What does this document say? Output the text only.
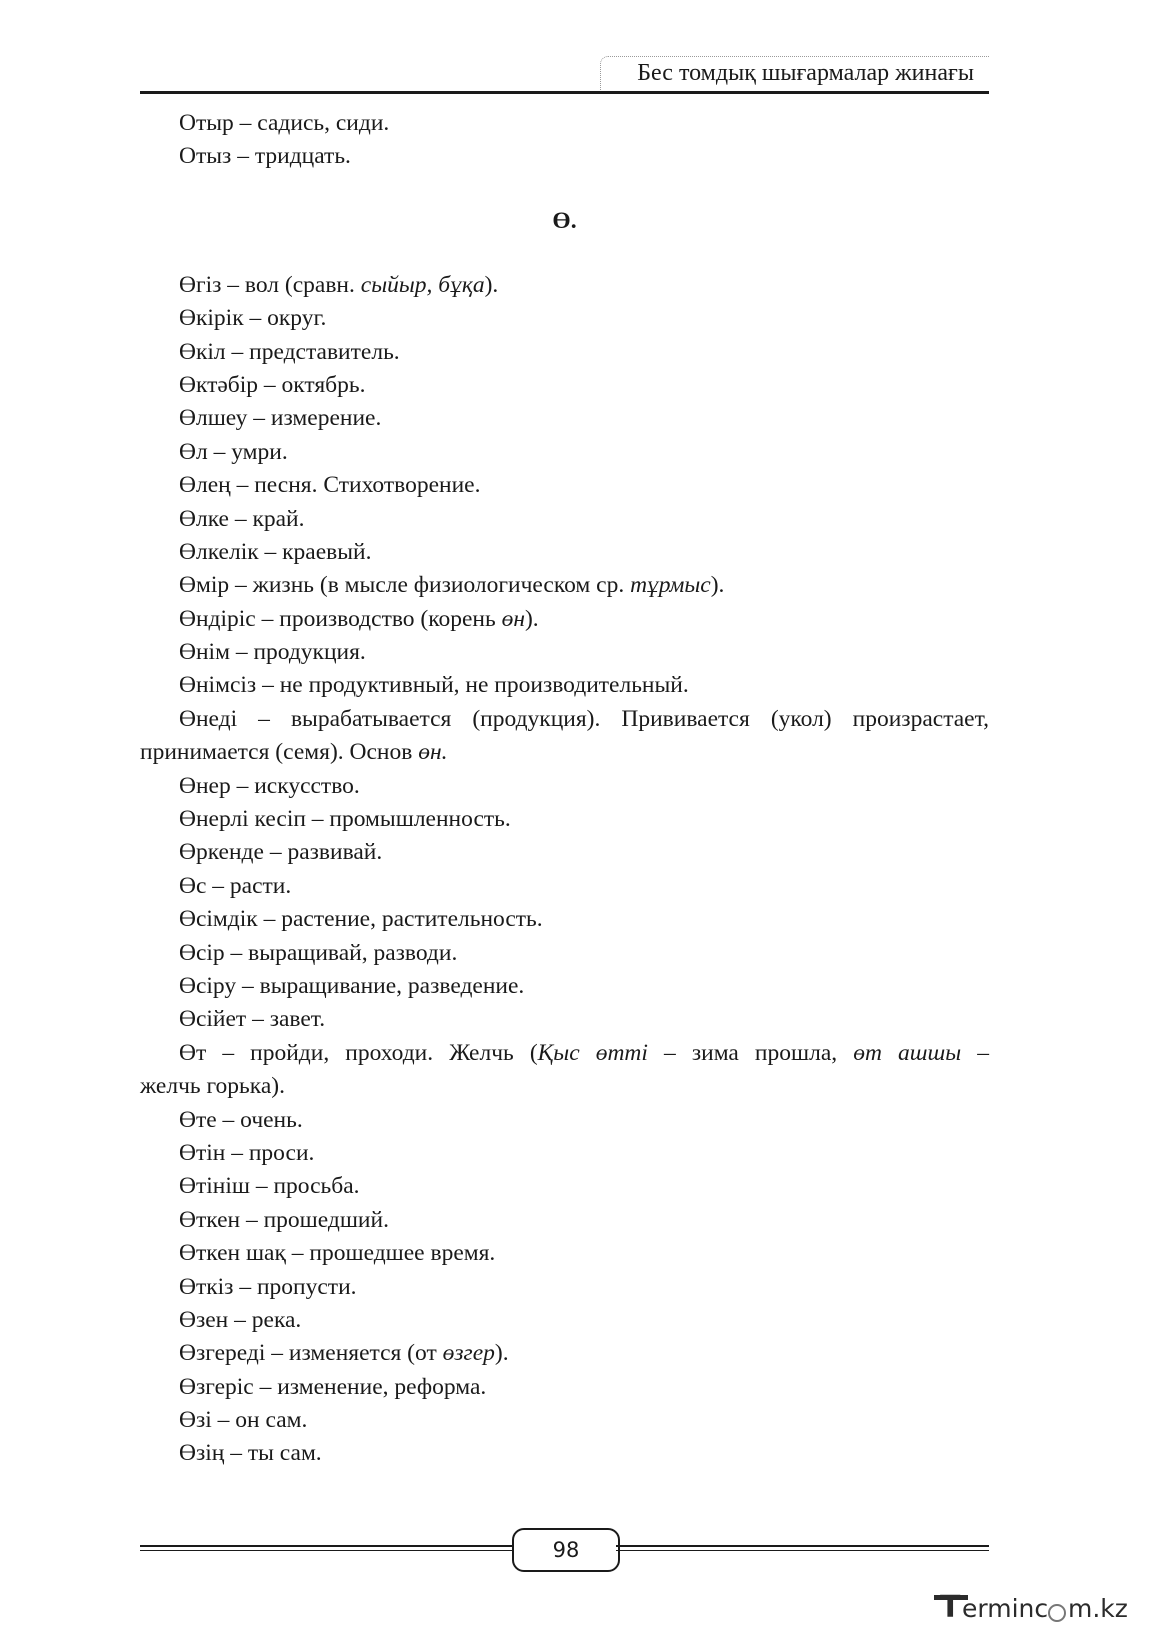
Бес томдық шығармалар жинағы
Отыр – садись, сиди.
Отыз – тридцать.
Ө.
Өгіз – вол (сравн. сыйыр, бұқа).
Өкірік – округ.
Өкіл – представитель.
Өктәбір – октябрь.
Өлшеу – измерение.
Өл – умри.
Өлең – песня. Стихотворение.
Өлке – край.
Өлкелік – краевый.
Өмір – жизнь (в мысле физиологическом ср. тұрмыс).
Өндіріс – производство (корень өн).
Өнім – продукция.
Өнімсіз – не продуктивный, не производительный.
Өнеді – вырабатывается (продукция). Прививается (укол) произрастает,
принимается (семя). Основ өн.
Өнер – искусство.
Өнерлі кесіп – промышленность.
Өркенде – развивай.
Өс – расти.
Өсімдік – растение, растительность.
Өсір – выращивай, разводи.
Өсіру – выращивание, разведение.
Өсійет – завет.
Өт – пройди, проходи. Желчь (Қыс өтті – зима прошла, өт ашшы –
желчь горька).
Өте – очень.
Өтін – проси.
Өтініш – просьба.
Өткен – прошедший.
Өткен шақ – прошедшее время.
Өткіз – пропусти.
Өзен – река.
Өзгереді – изменяется (от өзгер).
Өзгеріс – изменение, реформа.
Өзі – он сам.
Өзің – ты сам.
98
T erminc m.kz
